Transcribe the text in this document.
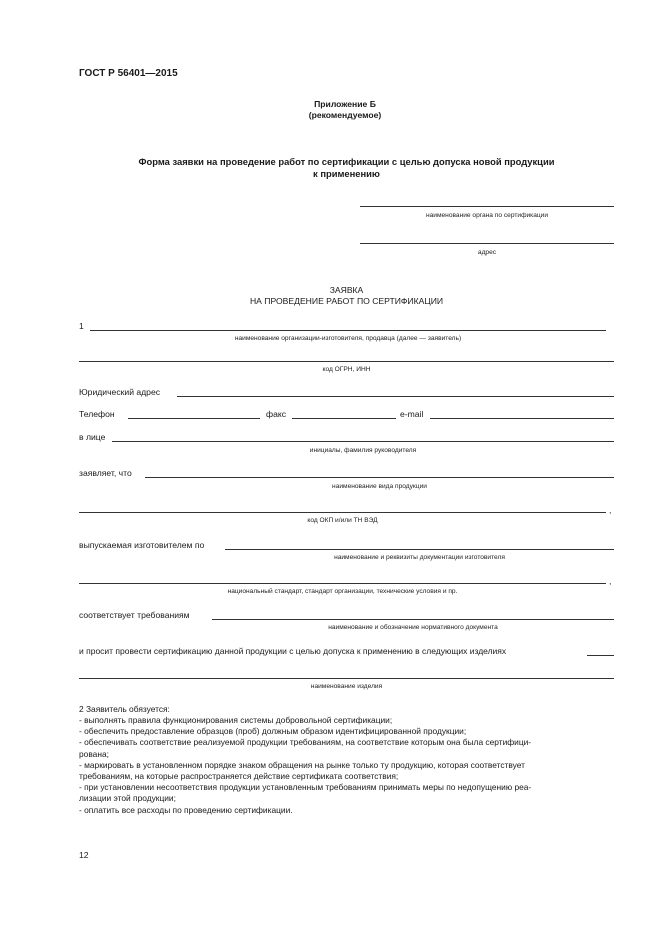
ГОСТ Р 56401—2015
Приложение Б
(рекомендуемое)
Форма заявки на проведение работ по сертификации с целью допуска новой продукции
к применению
наименование органа по сертификации
адрес
ЗАЯВКА
НА ПРОВЕДЕНИЕ РАБОТ ПО СЕРТИФИКАЦИИ
1
наименование организации-изготовителя, продавца (далее — заявитель)
код ОГРН, ИНН
Юридический адрес
Телефон	факс	e-mail
в лице
инициалы, фамилия руководителя
заявляет, что
наименование вида продукции
,
код ОКП и/или ТН ВЭД
выпускаемая изготовителем по
наименование и реквизиты документации изготовителя
,
национальный стандарт, стандарт организации, технические условия и пр.
соответствует требованиям
наименование и обозначение нормативного документа
и просит провести сертификацию данной продукции с целью допуска к применению в следующих изделиях
наименование изделия
2 Заявитель обязуется:
- выполнять правила функционирования системы добровольной сертификации;
- обеспечить предоставление образцов (проб) должным образом идентифицированной продукции;
- обеспечивать соответствие реализуемой продукции требованиям, на соответствие которым она была сертифици-
рована;
- маркировать в установленном порядке знаком обращения на рынке только ту продукцию, которая соответствует
требованиям, на которые распространяется действие сертификата соответствия;
- при установлении несоответствия продукции установленным требованиям принимать меры по недопущению реа-
лизации этой продукции;
- оплатить все расходы по проведению сертификации.
12
